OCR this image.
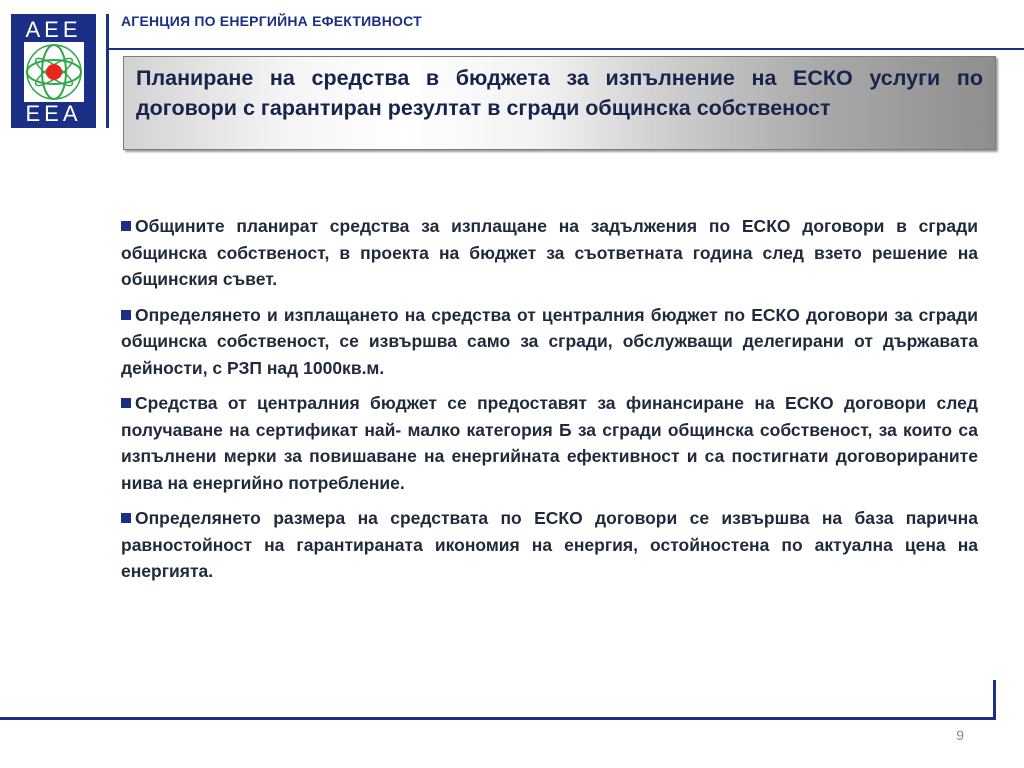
AEE
EEA
АГЕНЦИЯ ПО ЕНЕРГИЙНА ЕФЕКТИВНОСТ
Планиране на средства в бюджета за изпълнение на ЕСКО услуги по договори с гарантиран резултат в сгради общинска собственост
Общините планират средства за изплащане на задължения по ЕСКО договори в сгради общинска собственост, в проекта на бюджет за съответната година след взето решение на общинския съвет.
Определянето и изплащането на средства от централния бюджет по ЕСКО договори за сгради общинска собственост, се извършва само за сгради, обслужващи делегирани от държавата дейности, с РЗП над 1000кв.м.
Средства от централния бюджет се предоставят за финансиране на ЕСКО договори след получаване на сертификат най- малко категория Б за сгради общинска собственост, за които са изпълнени мерки за повишаване на енергийната ефективност и са постигнати договорираните нива на енергийно потребление.
Определянето размера на средствата по ЕСКО договори се извършва на база парична равностойност на гарантираната икономия на енергия, остойностена по актуална цена на енергията.
9
